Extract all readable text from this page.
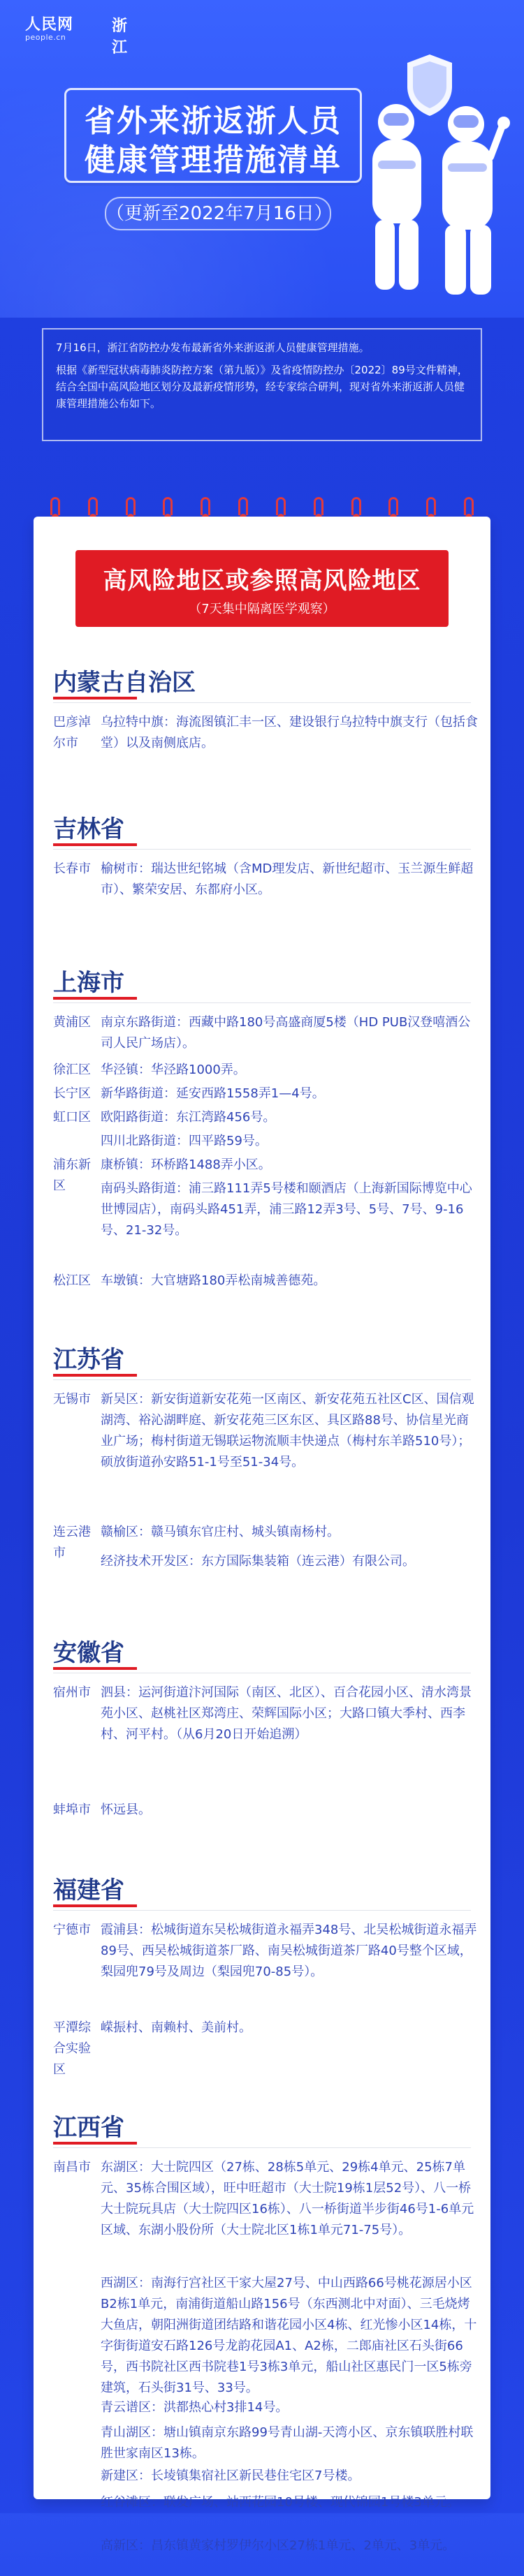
人民网
people.cn
浙江
省外来浙返浙人员
健康管理措施清单
（更新至2022年7月16日）

7月16日，浙江省防控办发布最新省外来浙返浙人员健康管理措施。

根据《新型冠状病毒肺炎防控方案（第九版）》及省疫情防控办〔2022〕89号文件精神，结合全国中高风险地区划分及最新疫情形势，经专家综合研判，现对省外来浙返浙人员健康管理措施公布如下。

高风险地区或参照高风险地区
（7天集中隔离医学观察）
内蒙古自治区
巴彦淖尔市
乌拉特中旗：海流图镇汇丰一区、建设银行乌拉特中旗支行（包括食堂）以及南侧底店。
吉林省
长春市 榆树市：瑞达世纪铭城（含MD理发店、新世纪超市、玉兰源生鲜超市）、繁荣安居、东都府小区。
上海市
黄浦区 南京东路街道：西藏中路180号高盛商厦5楼（HD PUB汉登嘻酒公司人民广场店）。
徐汇区 华泾镇：华泾路1000弄。
长宁区 新华路街道：延安西路1558弄1—4号。
虹口区 欧阳路街道：东江湾路456号。
四川北路街道：四平路59号。
浦东新区
康桥镇：环桥路1488弄小区。
南码头路街道：浦三路111弄5号楼和颐酒店（上海新国际博览中心世博园店），南码头路451弄，浦三路12弄3号、5号、7号、9-16号、21-32号。
松江区 车墩镇：大官塘路180弄松南城善德苑。
江苏省
无锡市 新吴区：新安街道新安花苑一区南区、新安花苑五社区C区、国信观湖湾、裕沁湖畔庭、新安花苑三区东区、具区路88号、协信星光商业广场；梅村街道无锡联运物流顺丰快递点（梅村东羊路510号）；硕放街道孙安路51-1号至51-34号。
连云港市
赣榆区：赣马镇东官庄村、城头镇南杨村。
经济技术开发区：东方国际集装箱（连云港）有限公司。
安徽省
宿州市 泗县：运河街道汴河国际（南区、北区）、百合花园小区、清水湾景苑小区、赵桃社区郑湾庄、荣辉国际小区；大路口镇大季村、西李村、河平村。（从6月20日开始追溯）
蚌埠市 怀远县。
福建省
宁德市 霞浦县：松城街道东吴松城街道永福弄348号、北吴松城街道永福弄89号、西吴松城街道茶厂路、南吴松城街道茶厂路40号整个区域，梨园兜79号及周边（梨园兜70-85号）。
平潭综合实验区
嵘振村、南赖村、美前村。
江西省
南昌市 东湖区：大士院四区（27栋、28栋5单元、29栋4单元、25栋7单元、35栋合围区域），旺中旺超市（大士院19栋1层52号）、八一桥大士院玩具店（大士院四区16栋）、八一桥街道半步街46号1-6单元区域、东湖小股份所（大士院北区1栋1单元71-75号）。
西湖区：南海行宫社区干家大屋27号、中山西路66号桃花源居小区B2栋1单元，南浦街道船山路156号（东西测北中对面）、三毛烧烤大鱼店，朝阳洲街道团结路和谐花园小区4栋、红光惨小区14栋，十字街街道安石路126号龙韵花园A1、A2栋，二郎庙社区石头街66号，西书院社区西书院巷1号3栋3单元，船山社区惠民门一区5栋旁建筑，石头街31号、33号。
青云谱区：洪都热心村3排14号。
青山湖区：塘山镇南京东路99号青山湖-天湾小区、京东镇联胜村联胜世家南区13栋。
新建区：长堎镇集宿社区新民巷住宅区7号楼。
红谷滩区：联发广场、站西花园10号楼、现代锦园1号楼3单元。
高新区：昌东镇黄家村罗伊尔小区27栋1单元、2单元、3单元。
